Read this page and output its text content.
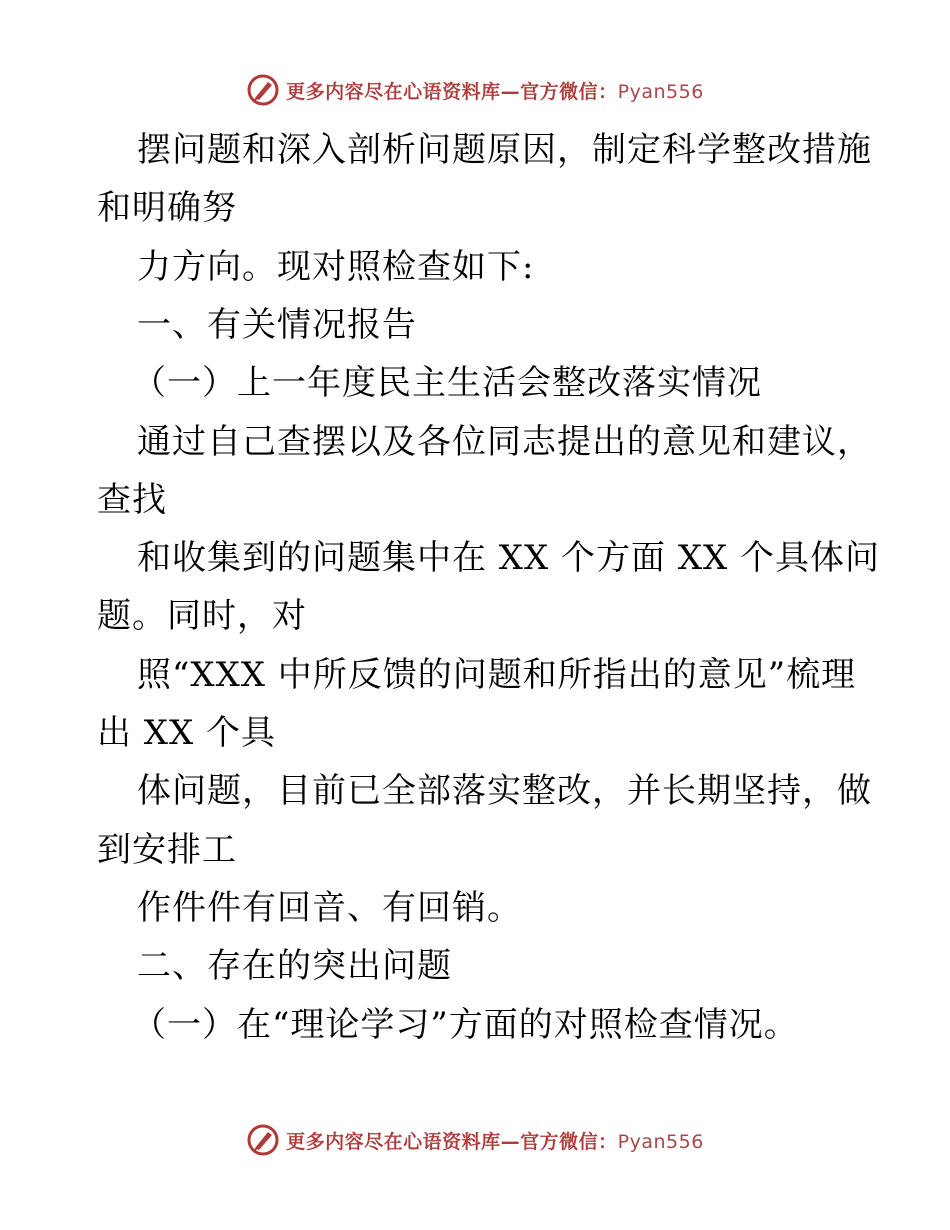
更多内容尽在心语资料库—官方微信：Pyan556
摆问题和深入剖析问题原因，制定科学整改措施
和明确努
力方向。现对照检查如下:
一、有关情况报告
（一）上一年度民主生活会整改落实情况
通过自己查摆以及各位同志提出的意见和建议，
查找
和收集到的问题集中在 XX 个方面 XX 个具体问
题。同时，对
照“XXX 中所反馈的问题和所指出的意见”梳理
出 XX 个具
体问题，目前已全部落实整改，并长期坚持，做
到安排工
作件件有回音、有回销。
二、存在的突出问题
（一）在“理论学习”方面的对照检查情况。
更多内容尽在心语资料库—官方微信：Pyan556
